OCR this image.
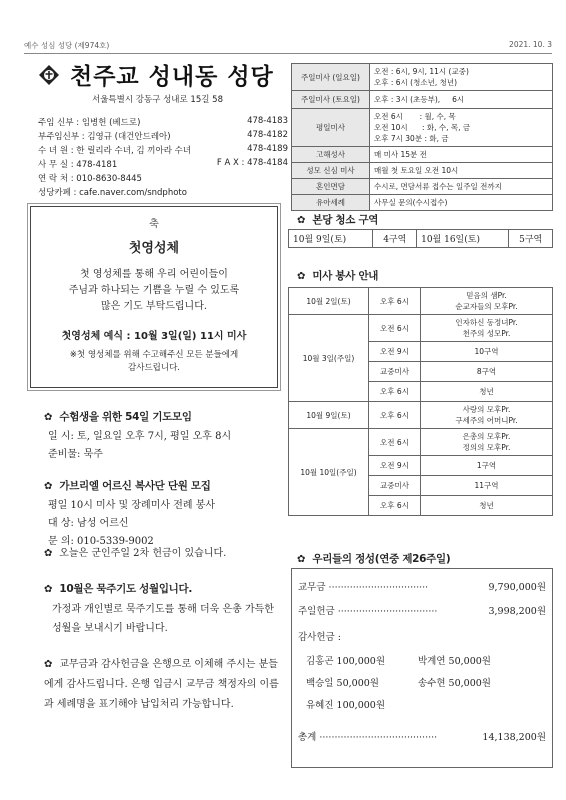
예수 성심 성당 (제974호)	2021. 10. 3
천주교 성내동 성당
서울특별시 강동구 성내로 15길 58
주임 신부 : 임병헌 (베드로)	478-4183
부주임신부 : 김영규 (대건안드레아)	478-4182
수 녀 원 : 한 릴리라 수녀, 김 끼아라 수녀	478-4189
사 무 실 : 478-4181	F A X : 478-4184
연 락 처 : 010-8630-8445
성당카페 : cafe.naver.com/sndphoto
주일미사 (일요일)	오전 : 6시, 9시, 11시 (교중)
오후 : 6시 (청소년, 청년)
주일미사 (토요일)	오후 : 3시 (초등부),     6시
평일미사	오전 6시       : 월, 수, 목
오전 10시      : 화, 수, 목, 금
오후 7시 30분 : 화, 금
고해성사	매 미사 15분 전
성모 신심 미사	매월 첫 토요일 오전 10시
혼인면담	수시로, 면담서류 접수는 일주일 전까지
유아세례	사무실 문의(수시접수)
축
첫영성체
첫 영성체를 통해 우리 어린이들이
주님과 하나되는 기쁨을 누릴 수 있도록
많은 기도 부탁드립니다.
첫영성체 예식 : 10월 3일(일) 11시 미사
※첫 영성체를 위해 수고해주신 모든 분들에게
감사드립니다.
✿ 수험생을 위한 54일 기도모임
일 시: 토, 일요일 오후 7시, 평일 오후 8시
준비물: 묵주
✿ 가브리엘 어르신 복사단 단원 모집
평일 10시 미사 및 장례미사 전례 봉사
대 상: 남성 어르신
문 의: 010-5339-9002
✿ 오늘은 군인주일 2차 헌금이 있습니다.
✿ 10월은 묵주기도 성월입니다.
가정과 개인별로 묵주기도를 통해 더욱 은총 가득한 성월을 보내시기 바랍니다.
✿ 교무금과 감사헌금을 은행으로 이체해 주시는 분들에게 감사드립니다. 은행 입금시 교무금 책정자의 이름과 세례명을 표기해야 납입처리 가능합니다.
✿ 본당 청소 구역
10월 9일(토)	4구역	10월 16일(토)	5구역
✿ 미사 봉사 안내
10월 2일(토)	오후 6시	믿음의 샘Pr.
순교자들의 모후Pr.
10월 3일(주일)	오전 6시	인자하신 동정녀Pr.
천주의 성모Pr.
	오전 9시	10구역
	교중미사	8구역
	오후 6시	청년
10월 9일(토)	오후 6시	사랑의 모후Pr.
구세주의 어머니Pr.
10월 10일(주일)	오전 6시	은총의 모후Pr.
정의의 모후Pr.
	오전 9시	1구역
	교중미사	11구역
	오후 6시	청년
✿ 우리들의 정성(연중 제26주일)
교무금 ·································	9,790,000원
주일헌금 ·································	3,998,200원
감사헌금 :
김홍곤 100,000원	박계연 50,000원
백승일 50,000원	송수현 50,000원
유혜진 100,000원
총계 ·······································	14,138,200원
